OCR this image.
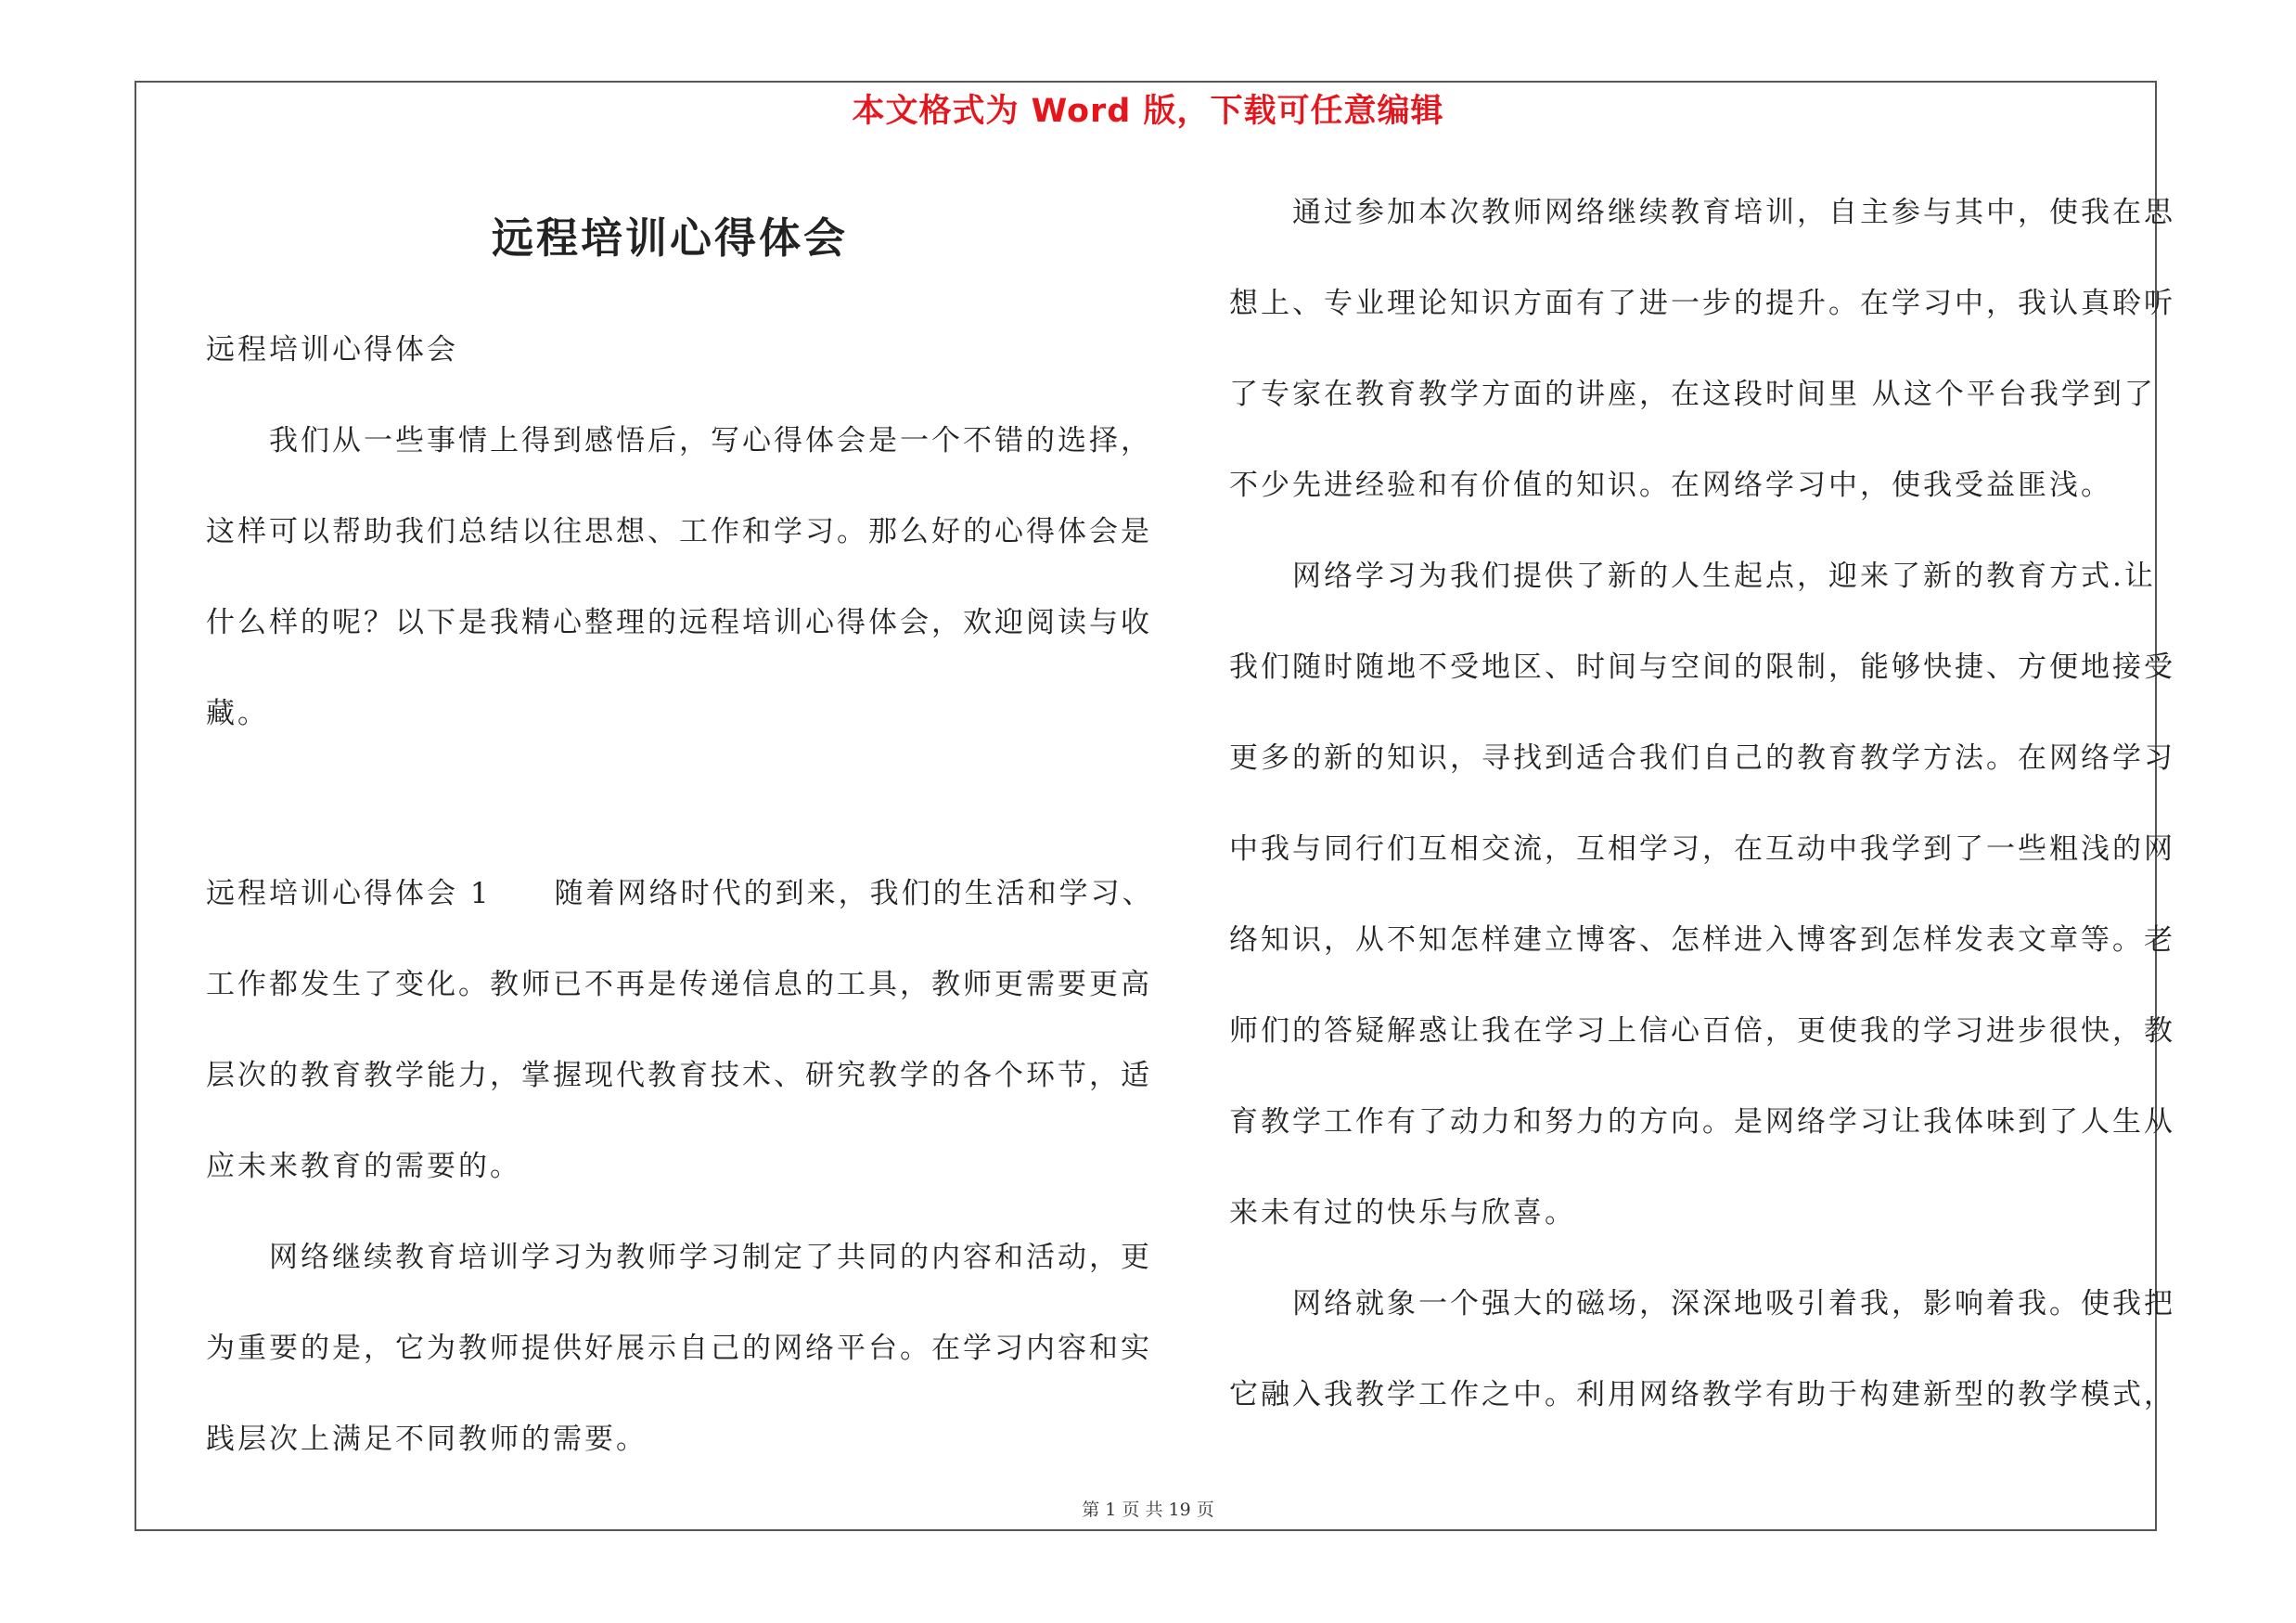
本文格式为 Word 版，下载可任意编辑
远程培训心得体会
远程培训心得体会
　　我们从一些事情上得到感悟后，写心得体会是一个不错的选择，
这样可以帮助我们总结以往思想、工作和学习。那么好的心得体会是
什么样的呢？以下是我精心整理的远程培训心得体会，欢迎阅读与收
藏。
远程培训心得体会 1　　随着网络时代的到来，我们的生活和学习、
工作都发生了变化。教师已不再是传递信息的工具，教师更需要更高
层次的教育教学能力，掌握现代教育技术、研究教学的各个环节，适
应未来教育的需要的。
　　网络继续教育培训学习为教师学习制定了共同的内容和活动，更
为重要的是，它为教师提供好展示自己的网络平台。在学习内容和实
践层次上满足不同教师的需要。
　　通过参加本次教师网络继续教育培训，自主参与其中，使我在思
想上、专业理论知识方面有了进一步的提升。在学习中，我认真聆听
了专家在教育教学方面的讲座，在这段时间里 从这个平台我学到了
不少先进经验和有价值的知识。在网络学习中，使我受益匪浅。
　　网络学习为我们提供了新的人生起点，迎来了新的教育方式.让
我们随时随地不受地区、时间与空间的限制，能够快捷、方便地接受
更多的新的知识，寻找到适合我们自己的教育教学方法。在网络学习
中我与同行们互相交流，互相学习，在互动中我学到了一些粗浅的网
络知识，从不知怎样建立博客、怎样进入博客到怎样发表文章等。老
师们的答疑解惑让我在学习上信心百倍，更使我的学习进步很快，教
育教学工作有了动力和努力的方向。是网络学习让我体味到了人生从
来未有过的快乐与欣喜。
　　网络就象一个强大的磁场，深深地吸引着我，影响着我。使我把
它融入我教学工作之中。利用网络教学有助于构建新型的教学模式，
第 1 页 共 19 页
